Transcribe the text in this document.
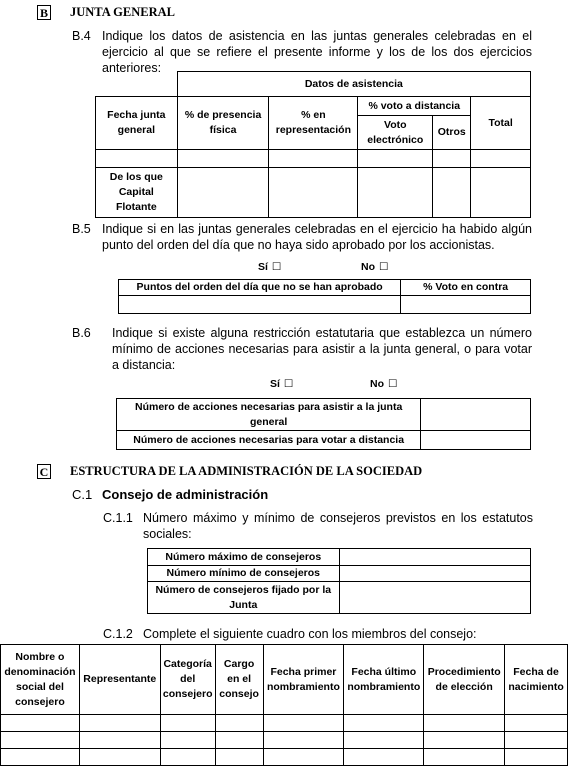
B JUNTA GENERAL
B.4 Indique los datos de asistencia en las juntas generales celebradas en el ejercicio al que se refiere el presente informe y los de los dos ejercicios anteriores:
	Datos de asistencia				
Fecha junta general	% de presencia física	% en representación	% voto a distancia		Total
			Voto electrónico	Otros	

De los que Capital Flotante					
B.5 Indique si en las juntas generales celebradas en el ejercicio ha habido algún punto del orden del día que no haya sido aprobado por los accionistas.
Sí ☐	No ☐
Puntos del orden del día que no se han aprobado	% Voto en contra

B.6 Indique si existe alguna restricción estatutaria que establezca un número mínimo de acciones necesarias para asistir a la junta general, o para votar a distancia:
Sí ☐	No ☐
Número de acciones necesarias para asistir a la junta general	
Número de acciones necesarias para votar a distancia	
C ESTRUCTURA DE LA ADMINISTRACIÓN DE LA SOCIEDAD
C.1 Consejo de administración
C.1.1 Número máximo y mínimo de consejeros previstos en los estatutos sociales:
Número máximo de consejeros	
Número mínimo de consejeros	
Número de consejeros fijado por la Junta	
C.1.2 Complete el siguiente cuadro con los miembros del consejo:
Nombre o denominación social del consejero	Representante	Categoría del consejero	Cargo en el consejo	Fecha primer nombramiento	Fecha último nombramiento	Procedimiento de elección	Fecha de nacimiento
